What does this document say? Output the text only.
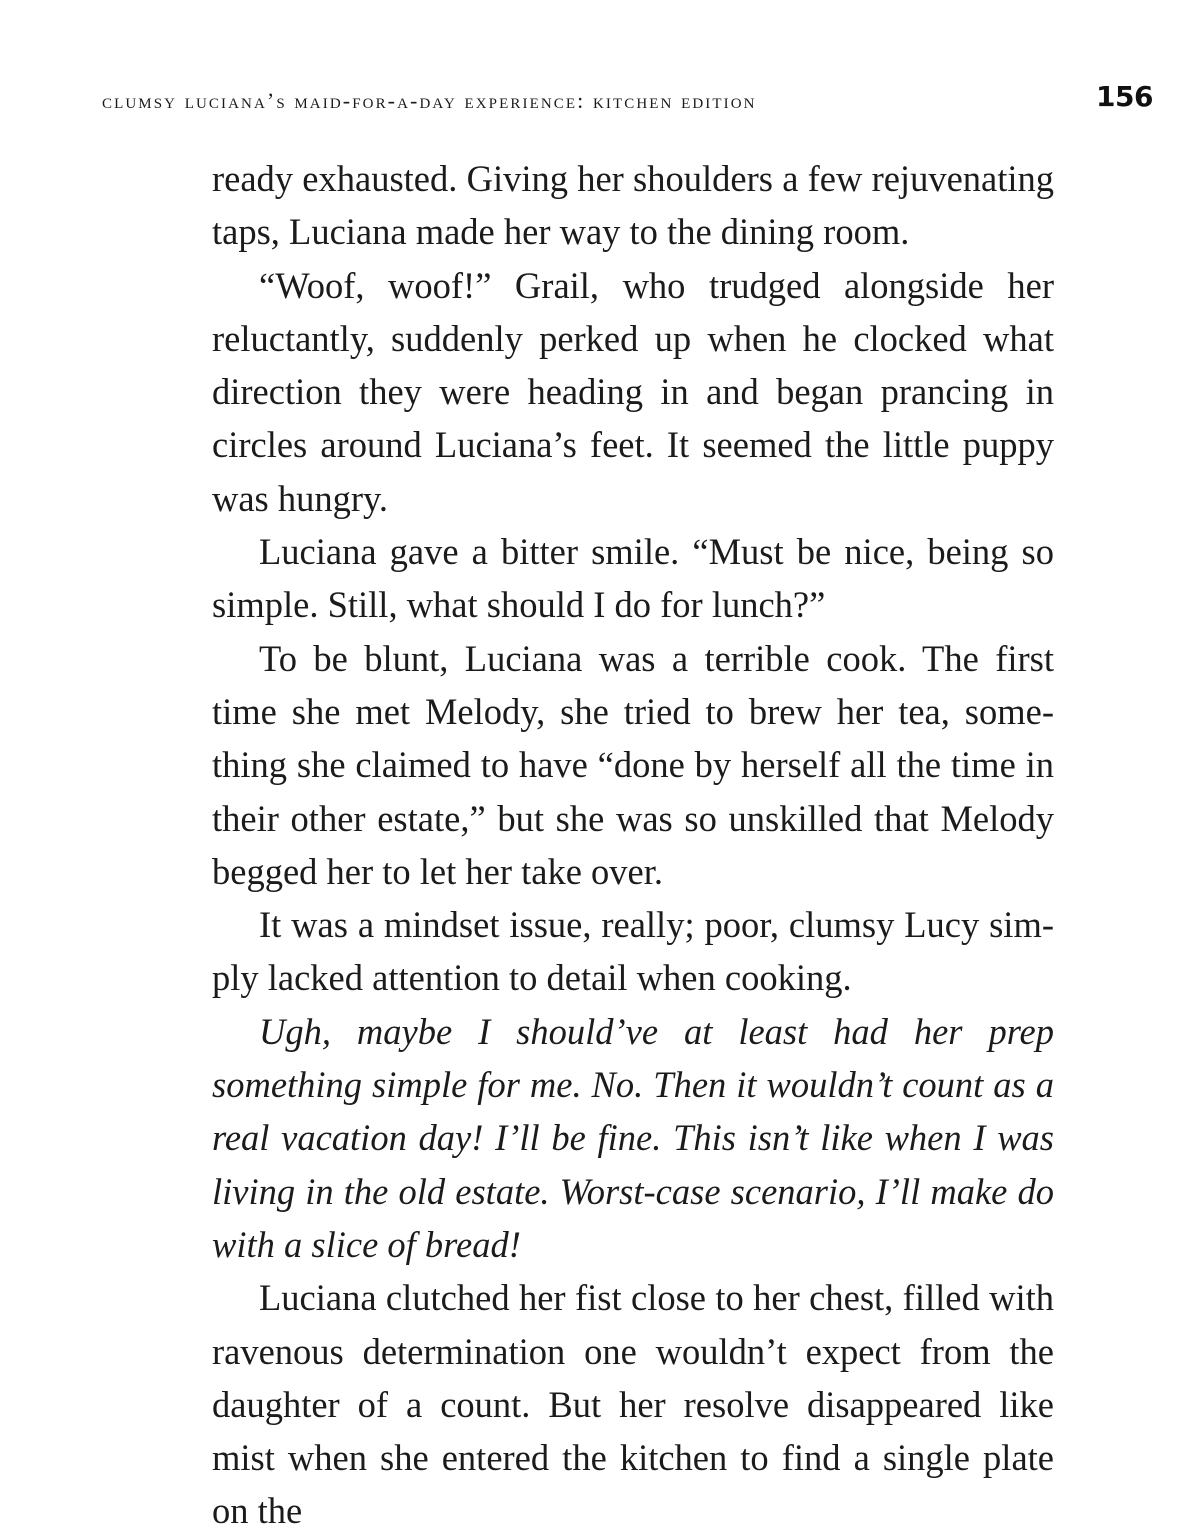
clumsy luciana’s maid-for-a-day experience: kitchen edition	156

ready exhausted. Giving her shoulders a few rejuvenating taps, Luciana made her way to the dining room.

“Woof, woof!” Grail, who trudged alongside her reluctantly, suddenly perked up when he clocked what direction they were heading in and began prancing in circles around Luciana’s feet. It seemed the little puppy was hungry.

Luciana gave a bitter smile. “Must be nice, being so simple. Still, what should I do for lunch?”

To be blunt, Luciana was a terrible cook. The first time she met Melody, she tried to brew her tea, something she claimed to have “done by herself all the time in their other estate,” but she was so unskilled that Melody begged her to let her take over.

It was a mindset issue, really; poor, clumsy Lucy simply lacked attention to detail when cooking.

Ugh, maybe I should’ve at least had her prep something simple for me. No. Then it wouldn’t count as a real vacation day! I’ll be fine. This isn’t like when I was living in the old estate. Worst-case scenario, I’ll make do with a slice of bread!

Luciana clutched her fist close to her chest, filled with ravenous determination one wouldn’t expect from the daughter of a count. But her resolve disappeared like mist when she entered the kitchen to find a single plate on the
